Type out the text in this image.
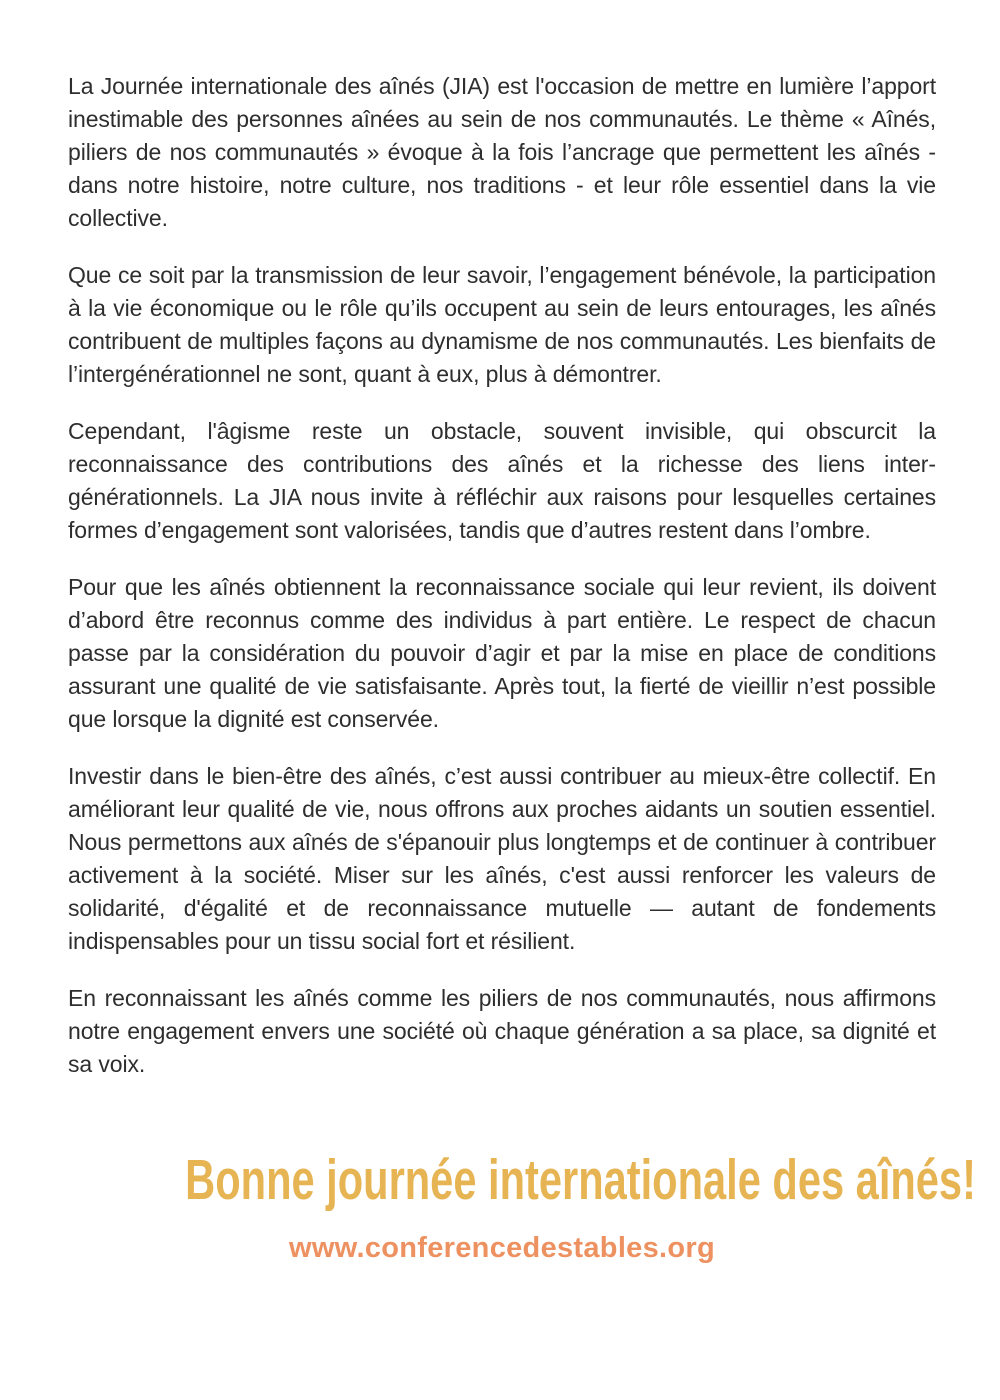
La Journée internationale des aînés (JIA) est l'occasion de mettre en lumière l’apport inestimable des personnes aînées au sein de nos communautés. Le thème « Aînés, piliers de nos communautés » évoque à la fois l’ancrage que permettent les aînés - dans notre histoire, notre culture, nos traditions - et leur rôle essentiel dans la vie collective.

Que ce soit par la transmission de leur savoir, l’engagement bénévole, la participation à la vie économique ou le rôle qu’ils occupent au sein de leurs entourages, les aînés contribuent de multiples façons au dynamisme de nos communautés. Les bienfaits de l’intergénérationnel ne sont, quant à eux, plus à démontrer.

Cependant, l'âgisme reste un obstacle, souvent invisible, qui obscurcit la reconnaissance des contributions des aînés et la richesse des liens intergénérationnels. La JIA nous invite à réfléchir aux raisons pour lesquelles certaines formes d’engagement sont valorisées, tandis que d’autres restent dans l’ombre.

Pour que les aînés obtiennent la reconnaissance sociale qui leur revient, ils doivent d’abord être reconnus comme des individus à part entière. Le respect de chacun passe par la considération du pouvoir d’agir et par la mise en place de conditions assurant une qualité de vie satisfaisante. Après tout, la fierté de vieillir n’est possible que lorsque la dignité est conservée.

Investir dans le bien-être des aînés, c’est aussi contribuer au mieux-être collectif. En améliorant leur qualité de vie, nous offrons aux proches aidants un soutien essentiel. Nous permettons aux aînés de s'épanouir plus longtemps et de continuer à contribuer activement à la société. Miser sur les aînés, c'est aussi renforcer les valeurs de solidarité, d'égalité et de reconnaissance mutuelle — autant de fondements indispensables pour un tissu social fort et résilient.

En reconnaissant les aînés comme les piliers de nos communautés, nous affirmons notre engagement envers une société où chaque génération a sa place, sa dignité et sa voix.

Bonne journée internationale des aînés!
www.conferencedestables.org
